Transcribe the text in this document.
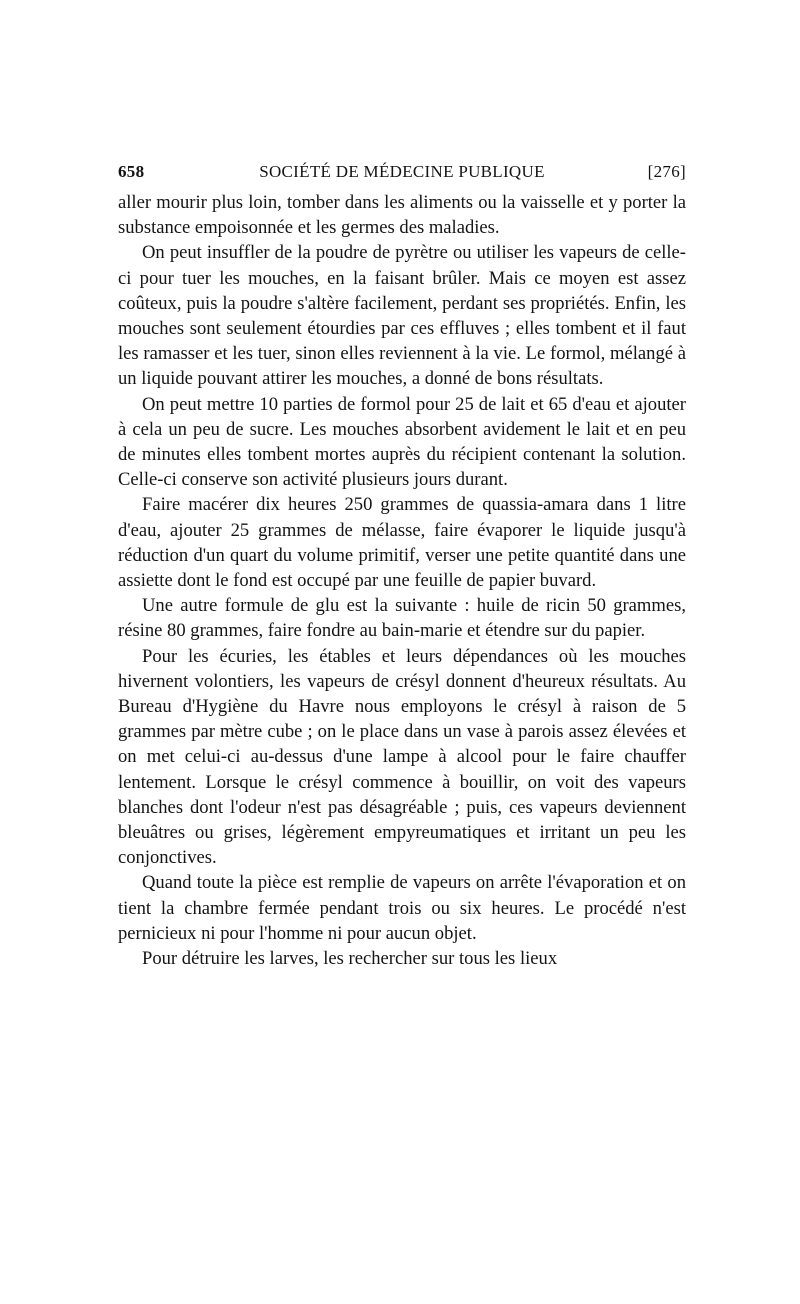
658	SOCIÉTÉ DE MÉDECINE PUBLIQUE	[276]

aller mourir plus loin, tomber dans les aliments ou la vaisselle et y porter la substance empoisonnée et les germes des maladies.

On peut insuffler de la poudre de pyrètre ou utiliser les vapeurs de celle-ci pour tuer les mouches, en la faisant brûler. Mais ce moyen est assez coûteux, puis la poudre s'altère facilement, perdant ses propriétés. Enfin, les mouches sont seulement étourdies par ces effluves ; elles tombent et il faut les ramasser et les tuer, sinon elles reviennent à la vie. Le formol, mélangé à un liquide pouvant attirer les mouches, a donné de bons résultats.

On peut mettre 10 parties de formol pour 25 de lait et 65 d'eau et ajouter à cela un peu de sucre. Les mouches absorbent avidement le lait et en peu de minutes elles tombent mortes auprès du récipient contenant la solution. Celle-ci conserve son activité plusieurs jours durant.

Faire macérer dix heures 250 grammes de quassia-amara dans 1 litre d'eau, ajouter 25 grammes de mélasse, faire évaporer le liquide jusqu'à réduction d'un quart du volume primitif, verser une petite quantité dans une assiette dont le fond est occupé par une feuille de papier buvard.

Une autre formule de glu est la suivante : huile de ricin 50 grammes, résine 80 grammes, faire fondre au bain-marie et étendre sur du papier.

Pour les écuries, les étables et leurs dépendances où les mouches hivernent volontiers, les vapeurs de crésyl donnent d'heureux résultats. Au Bureau d'Hygiène du Havre nous employons le crésyl à raison de 5 grammes par mètre cube ; on le place dans un vase à parois assez élevées et on met celui-ci au-dessus d'une lampe à alcool pour le faire chauffer lentement. Lorsque le crésyl commence à bouillir, on voit des vapeurs blanches dont l'odeur n'est pas désagréable ; puis, ces vapeurs deviennent bleuâtres ou grises, légèrement empyreumatiques et irritant un peu les conjonctives.

Quand toute la pièce est remplie de vapeurs on arrête l'évaporation et on tient la chambre fermée pendant trois ou six heures. Le procédé n'est pernicieux ni pour l'homme ni pour aucun objet.

Pour détruire les larves, les rechercher sur tous les lieux
